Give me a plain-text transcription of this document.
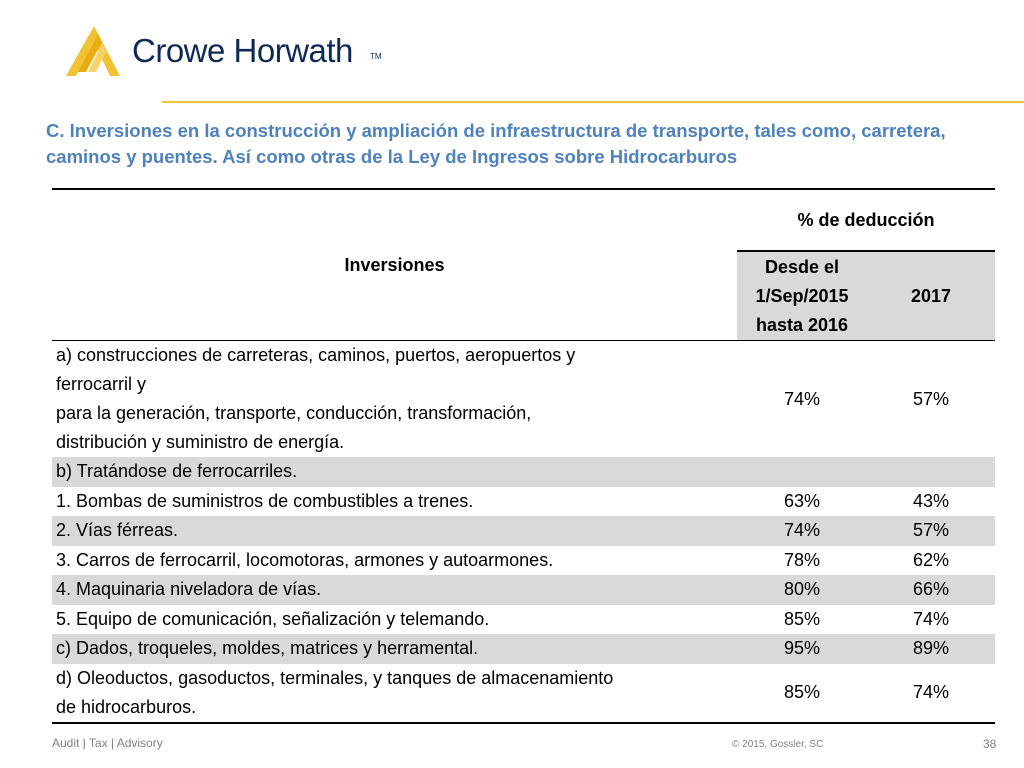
Crowe Horwath TM
C. Inversiones en la construcción y ampliación de infraestructura de transporte, tales como, carretera, caminos y puentes. Así como otras de la Ley de Ingresos sobre Hidrocarburos
Inversiones	% de deducción	

	Desde el 1/Sep/2015 hasta 2016	2017

a) construcciones de carreteras, caminos, puertos, aeropuertos y
ferrocarril y
para la generación, transporte, conducción, transformación,
distribución y suministro de energía.	74%	57%
b) Tratándose de ferrocarriles.		
1. Bombas de suministros de combustibles a trenes.	63%	43%
2. Vías férreas.	74%	57%
3. Carros de ferrocarril, locomotoras, armones y autoarmones.	78%	62%
4. Maquinaria niveladora de vías.	80%	66%
5. Equipo de comunicación, señalización y telemando.	85%	74%
c) Dados, troqueles, moldes, matrices y herramental.	95%	89%

d) Oleoductos, gasoductos, terminales, y tanques de almacenamiento
de hidrocarburos.	85%	74%
Audit | Tax | Advisory	© 2015, Gossler, SC	38
